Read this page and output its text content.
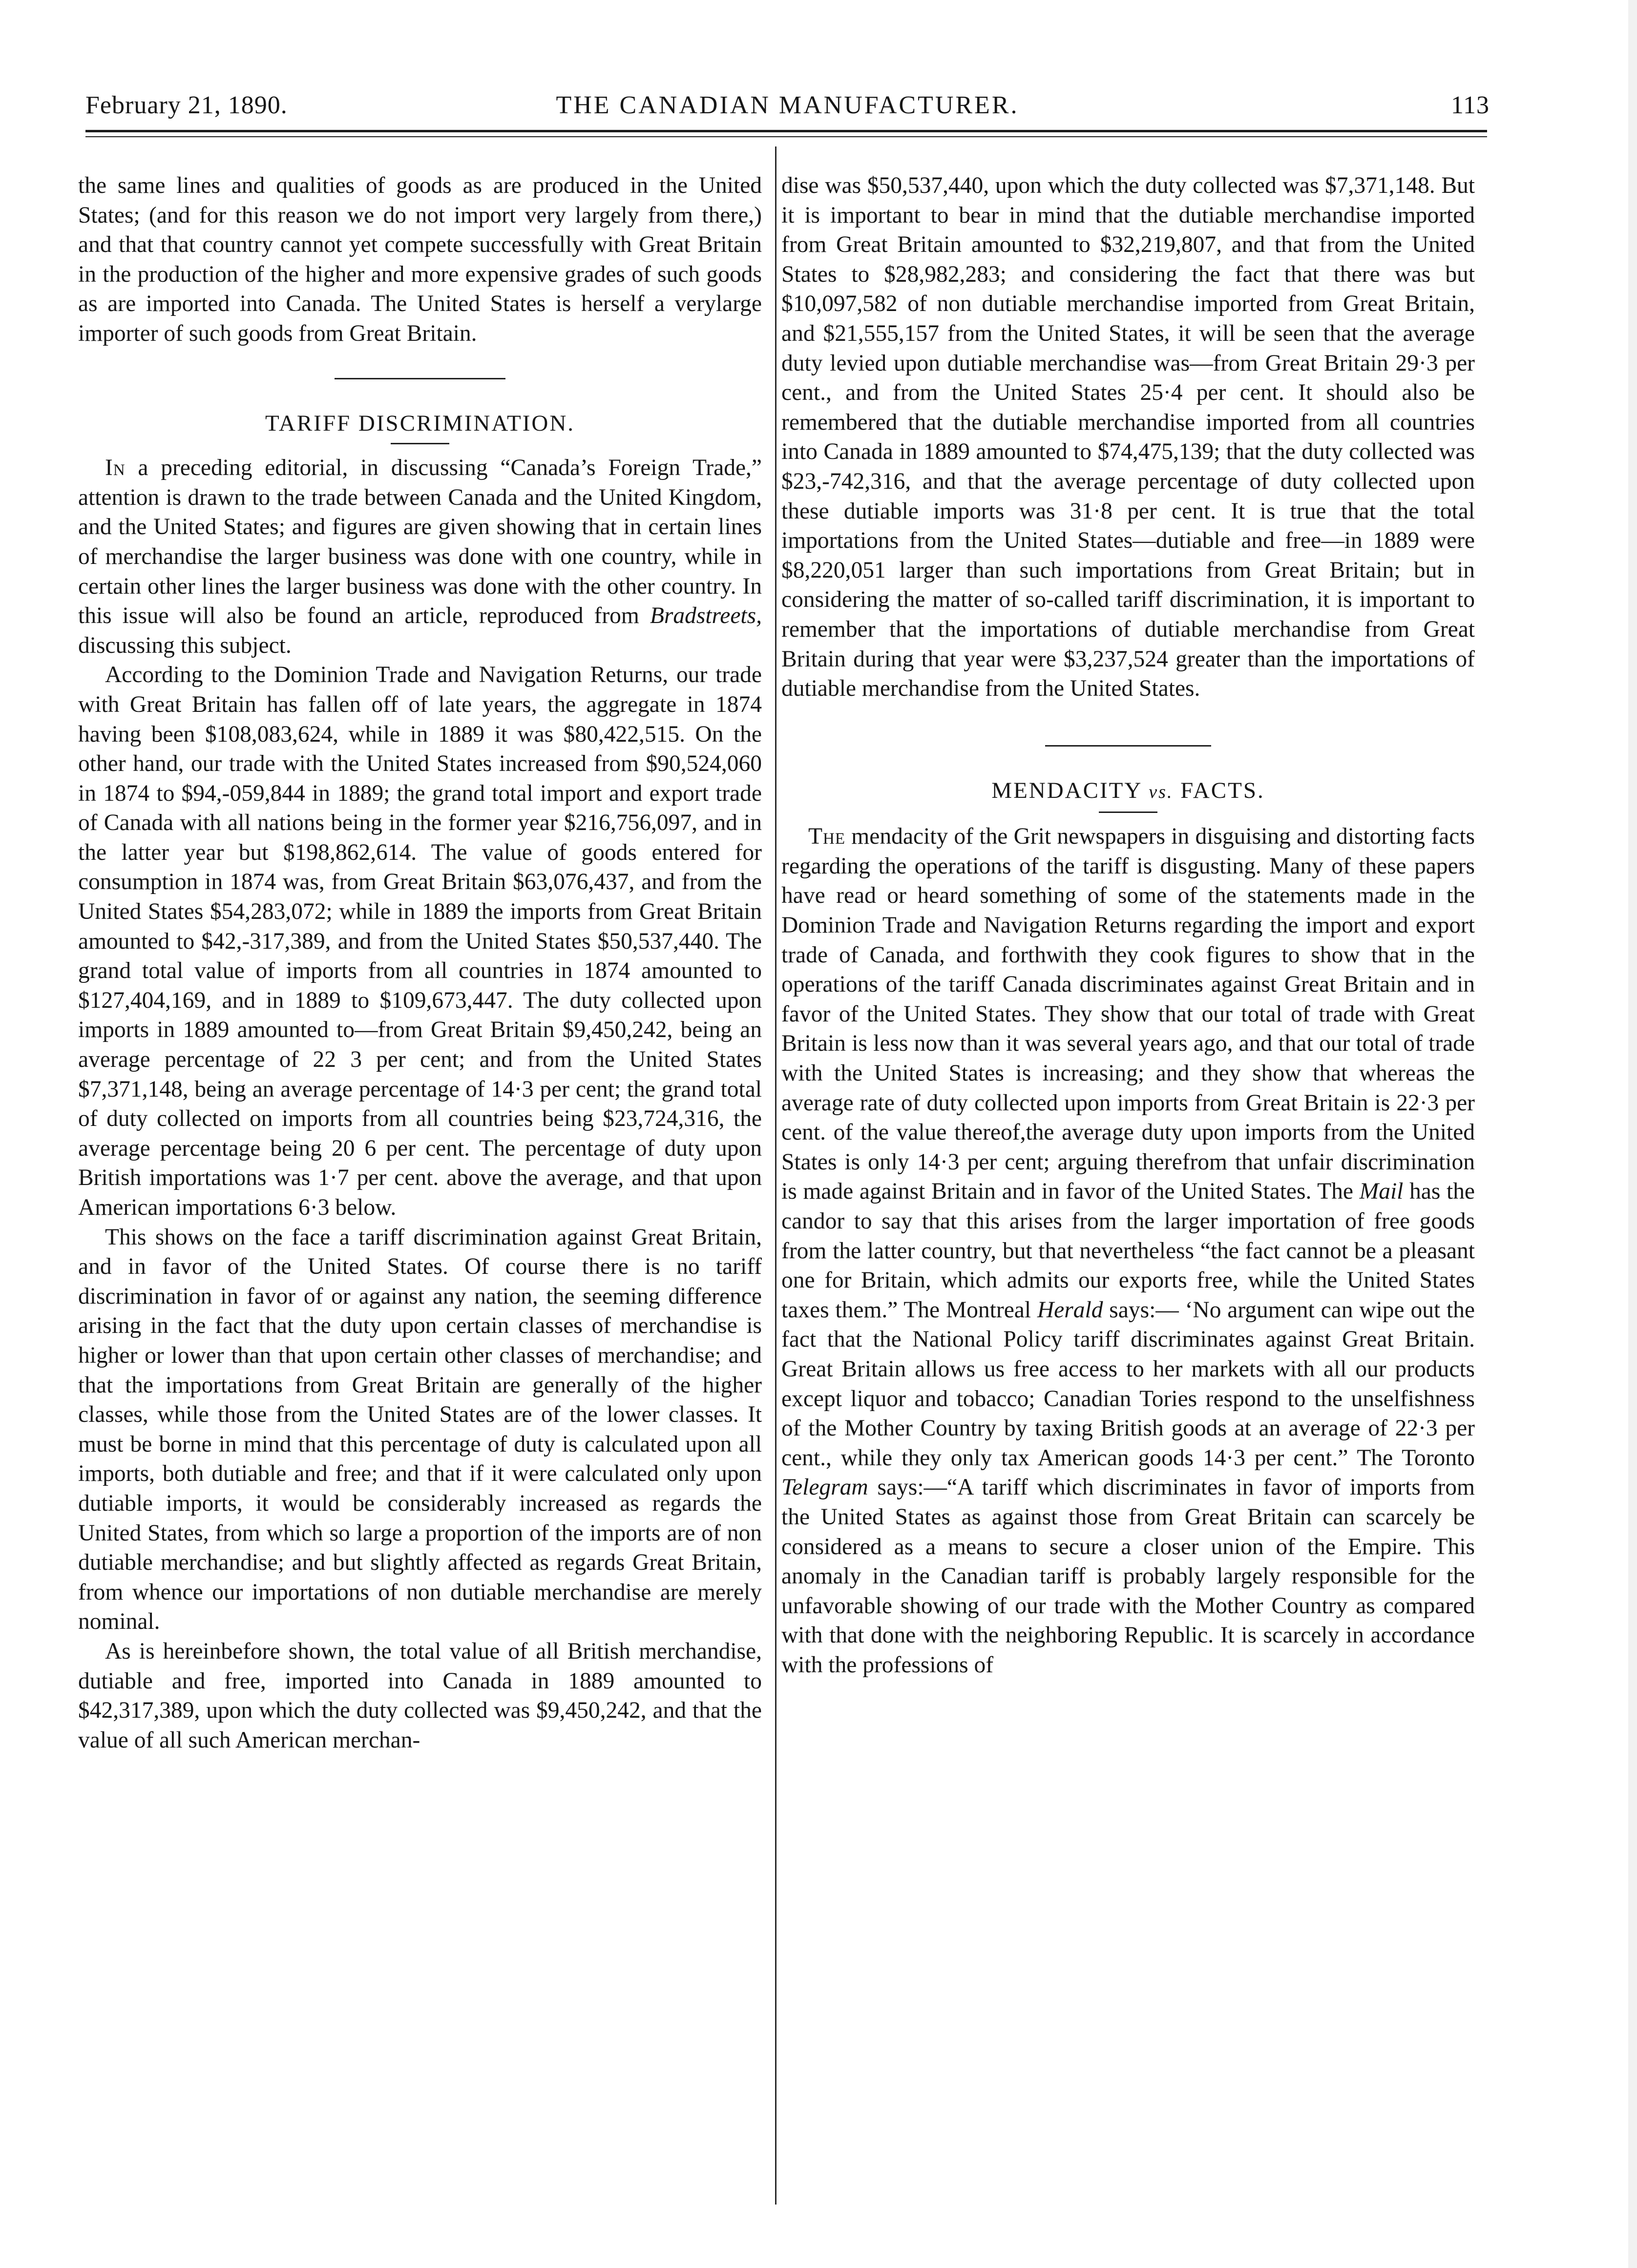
February 21, 1890.	THE CANADIAN MANUFACTURER.	113

the same lines and qualities of goods as are produced in the United States; (and for this reason we do not import very largely from there,) and that that country cannot yet compete successfully with Great Britain in the production of the higher and more expensive grades of such goods as are imported into Canada. The United States is herself a verylarge importer of such goods from Great Britain.

TARIFF DISCRIMINATION.

In a preceding editorial, in discussing “Canada’s Foreign Trade,” attention is drawn to the trade between Canada and the United Kingdom, and the United States; and figures are given showing that in certain lines of merchandise the larger business was done with one country, while in certain other lines the larger business was done with the other country. In this issue will also be found an article, reproduced from Bradstreets, discussing this subject.

According to the Dominion Trade and Navigation Returns, our trade with Great Britain has fallen off of late years, the aggregate in 1874 having been $108,083,624, while in 1889 it was $80,422,515. On the other hand, our trade with the United States increased from $90,524,060 in 1874 to $94,-059,844 in 1889; the grand total import and export trade of Canada with all nations being in the former year $216,756,097, and in the latter year but $198,862,614. The value of goods entered for consumption in 1874 was, from Great Britain $63,076,437, and from the United States $54,283,072; while in 1889 the imports from Great Britain amounted to $42,-317,389, and from the United States $50,537,440. The grand total value of imports from all countries in 1874 amounted to $127,404,169, and in 1889 to $109,673,447. The duty collected upon imports in 1889 amounted to—from Great Britain $9,450,242, being an average percentage of 22 3 per cent; and from the United States $7,371,148, being an average percentage of 14·3 per cent; the grand total of duty collected on imports from all countries being $23,724,316, the average percentage being 20 6 per cent. The percentage of duty upon British importations was 1·7 per cent. above the average, and that upon American importations 6·3 below.

This shows on the face a tariff discrimination against Great Britain, and in favor of the United States. Of course there is no tariff discrimination in favor of or against any nation, the seeming difference arising in the fact that the duty upon certain classes of merchandise is higher or lower than that upon certain other classes of merchandise; and that the importations from Great Britain are generally of the higher classes, while those from the United States are of the lower classes. It must be borne in mind that this percentage of duty is calculated upon all imports, both dutiable and free; and that if it were calculated only upon dutiable imports, it would be considerably increased as regards the United States, from which so large a proportion of the imports are of non dutiable merchandise; and but slightly affected as regards Great Britain, from whence our importations of non dutiable merchandise are merely nominal.

As is hereinbefore shown, the total value of all British merchandise, dutiable and free, imported into Canada in 1889 amounted to $42,317,389, upon which the duty collected was $9,450,242, and that the value of all such American merchan-

dise was $50,537,440, upon which the duty collected was $7,371,148. But it is important to bear in mind that the dutiable merchandise imported from Great Britain amounted to $32,219,807, and that from the United States to $28,982,283; and considering the fact that there was but $10,097,582 of non dutiable merchandise imported from Great Britain, and $21,555,157 from the United States, it will be seen that the average duty levied upon dutiable merchandise was—from Great Britain 29·3 per cent., and from the United States 25·4 per cent. It should also be remembered that the dutiable merchandise imported from all countries into Canada in 1889 amounted to $74,475,139; that the duty collected was $23,-742,316, and that the average percentage of duty collected upon these dutiable imports was 31·8 per cent. It is true that the total importations from the United States—dutiable and free—in 1889 were $8,220,051 larger than such importations from Great Britain; but in considering the matter of so-called tariff discrimination, it is important to remember that the importations of dutiable merchandise from Great Britain during that year were $3,237,524 greater than the importations of dutiable merchandise from the United States.

MENDACITY vs. FACTS.

The mendacity of the Grit newspapers in disguising and distorting facts regarding the operations of the tariff is disgusting. Many of these papers have read or heard something of some of the statements made in the Dominion Trade and Navigation Returns regarding the import and export trade of Canada, and forthwith they cook figures to show that in the operations of the tariff Canada discriminates against Great Britain and in favor of the United States. They show that our total of trade with Great Britain is less now than it was several years ago, and that our total of trade with the United States is increasing; and they show that whereas the average rate of duty collected upon imports from Great Britain is 22·3 per cent. of the value thereof,the average duty upon imports from the United States is only 14·3 per cent; arguing therefrom that unfair discrimination is made against Britain and in favor of the United States. The Mail has the candor to say that this arises from the larger importation of free goods from the latter country, but that nevertheless “the fact cannot be a pleasant one for Britain, which admits our exports free, while the United States taxes them.” The Montreal Herald says:— ‘No argument can wipe out the fact that the National Policy tariff discriminates against Great Britain. Great Britain allows us free access to her markets with all our products except liquor and tobacco; Canadian Tories respond to the unselfishness of the Mother Country by taxing British goods at an average of 22·3 per cent., while they only tax American goods 14·3 per cent.” The Toronto Telegram says:—“A tariff which discriminates in favor of imports from the United States as against those from Great Britain can scarcely be considered as a means to secure a closer union of the Empire. This anomaly in the Canadian tariff is probably largely responsible for the unfavorable showing of our trade with the Mother Country as compared with that done with the neighboring Republic. It is scarcely in accordance with the professions of
